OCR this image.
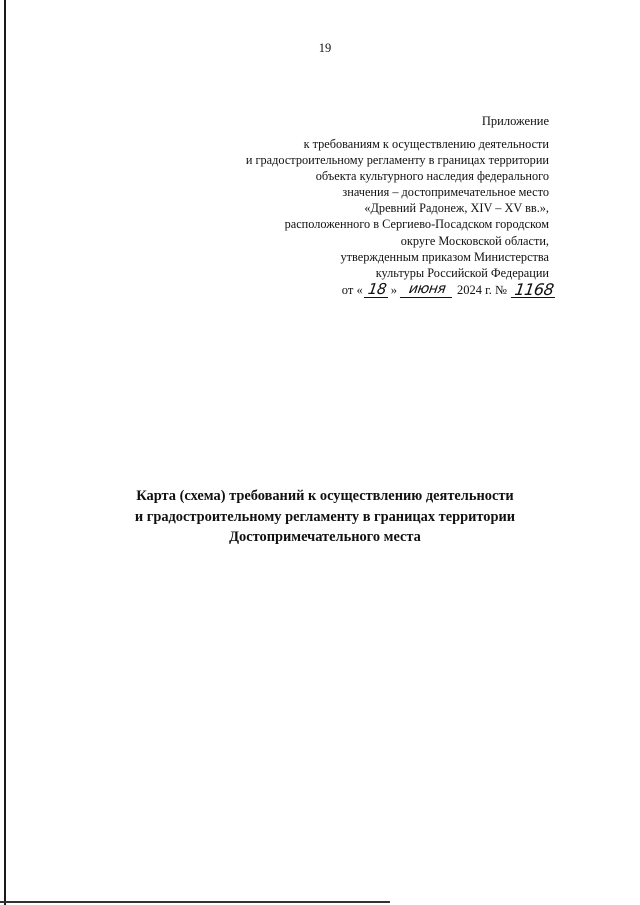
19
Приложение
к требованиям к осуществлению деятельности
и градостроительному регламенту в границах территории
объекта культурного наследия федерального
значения – достопримечательное место
«Древний Радонеж, XIV – XV вв.»,
расположенного в Сергиево-Посадском городском
округе Московской области,
утвержденным приказом Министерства
культуры Российской Федерации
от « 18 » июня 2024 г. № 1168
Карта (схема) требований к осуществлению деятельности
и градостроительному регламенту в границах территории
Достопримечательного места
